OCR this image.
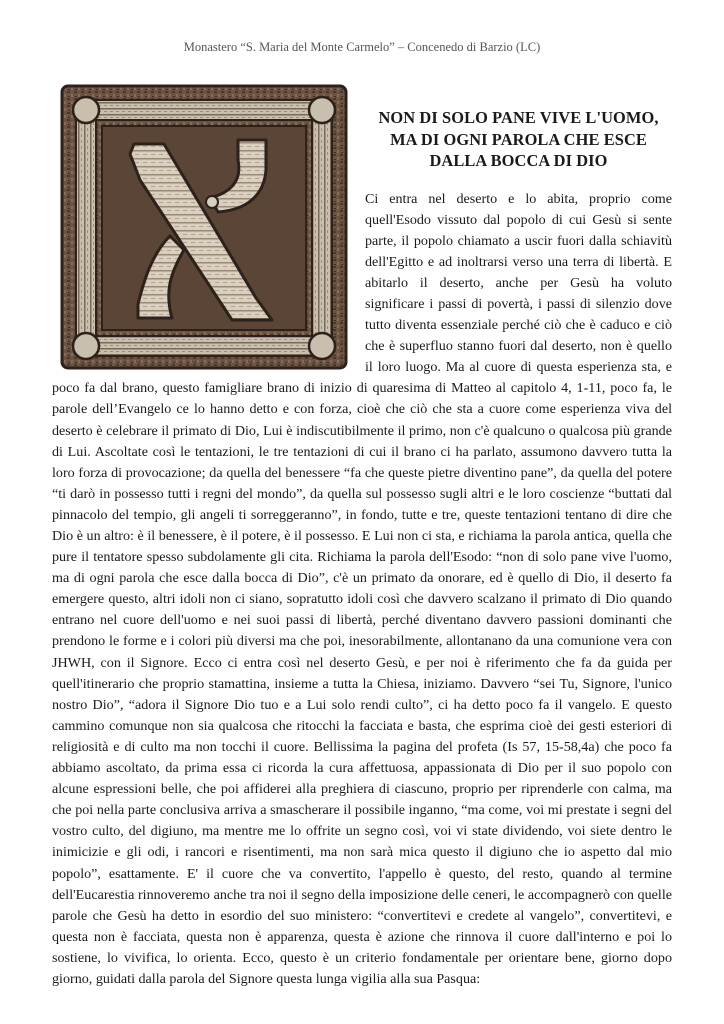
Monastero “S. Maria del Monte Carmelo” – Concenedo di Barzio (LC)
NON DI SOLO PANE VIVE L'UOMO, MA DI OGNI PAROLA CHE ESCE DALLA BOCCA DI DIO

Ci entra nel deserto e lo abita, proprio come quell'Esodo vissuto dal popolo di cui Gesù si sente parte, il popolo chiamato a uscir fuori dalla schiavitù dell'Egitto e ad inoltrarsi verso una terra di libertà. E abitarlo il deserto, anche per Gesù ha voluto significare i passi di povertà, i passi di silenzio dove tutto diventa essenziale perché ciò che è caduco e ciò che è superfluo stanno fuori dal deserto, non è quello il loro luogo. Ma al cuore di questa esperienza sta, e poco fa dal brano, questo famigliare brano di inizio di quaresima di Matteo al capitolo 4, 1-11, poco fa, le parole dell’Evangelo ce lo hanno detto e con forza, cioè che ciò che sta a cuore come esperienza viva del deserto è celebrare il primato di Dio, Lui è indiscutibilmente il primo, non c'è qualcuno o qualcosa più grande di Lui. Ascoltate così le tentazioni, le tre tentazioni di cui il brano ci ha parlato, assumono davvero tutta la loro forza di provocazione; da quella del benessere “fa che queste pietre diventino pane”, da quella del potere “ti darò in possesso tutti i regni del mondo”, da quella sul possesso sugli altri e le loro coscienze “buttati dal pinnacolo del tempio, gli angeli ti sorreggeranno”, in fondo, tutte e tre, queste tentazioni tentano di dire che Dio è un altro: è il benessere, è il potere, è il possesso. E Lui non ci sta, e richiama la parola antica, quella che pure il tentatore spesso subdolamente gli cita. Richiama la parola dell'Esodo: “non di solo pane vive l'uomo, ma di ogni parola che esce dalla bocca di Dio”, c'è un primato da onorare, ed è quello di Dio, il deserto fa emergere questo, altri idoli non ci siano, sopratutto idoli così che davvero scalzano il primato di Dio quando entrano nel cuore dell'uomo e nei suoi passi di libertà, perché diventano davvero passioni dominanti che prendono le forme e i colori più diversi ma che poi, inesorabilmente, allontanano da una comunione vera con JHWH, con il Signore. Ecco ci entra così nel deserto Gesù, e per noi è riferimento che fa da guida per quell'itinerario che proprio stamattina, insieme a tutta la Chiesa, iniziamo. Davvero “sei Tu, Signore, l'unico nostro Dio”, “adora il Signore Dio tuo e a Lui solo rendi culto”, ci ha detto poco fa il vangelo. E questo cammino comunque non sia qualcosa che ritocchi la facciata e basta, che esprima cioè dei gesti esteriori di religiosità e di culto ma non tocchi il cuore. Bellissima la pagina del profeta (Is 57, 15-58,4a) che poco fa abbiamo ascoltato, da prima essa ci ricorda la cura affettuosa, appassionata di Dio per il suo popolo con alcune espressioni belle, che poi affiderei alla preghiera di ciascuno, proprio per riprenderle con calma, ma che poi nella parte conclusiva arriva a smascherare il possibile inganno, “ma come, voi mi prestate i segni del vostro culto, del digiuno, ma mentre me lo offrite un segno così, voi vi state dividendo, voi siete dentro le inimicizie e gli odi, i rancori e risentimenti, ma non sarà mica questo il digiuno che io aspetto dal mio popolo”, esattamente. E' il cuore che va convertito, l'appello è questo, del resto, quando al termine dell'Eucarestia rinnoveremo anche tra noi il segno della imposizione delle ceneri, le accompagnerò con quelle parole che Gesù ha detto in esordio del suo ministero: “convertitevi e credete al vangelo”, convertitevi, e questa non è facciata, questa non è apparenza, questa è azione che rinnova il cuore dall'interno e poi lo sostiene, lo vivifica, lo orienta. Ecco, questo è un criterio fondamentale per orientare bene, giorno dopo giorno, guidati dalla parola del Signore questa lunga vigilia alla sua Pasqua:
